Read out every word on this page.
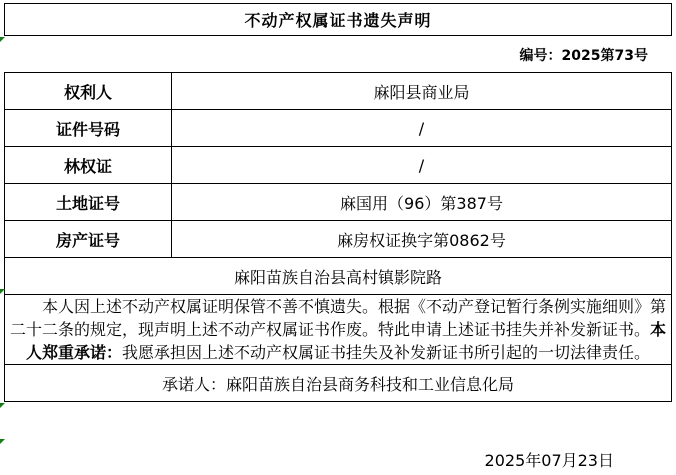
不动产权属证书遗失声明
编号：2025第73号
权利人	麻阳县商业局
证件号码	/
林权证	/
土地证号	麻国用（96）第387号
房产证号	麻房权证换字第0862号
麻阳苗族自治县高村镇影院路	
本人因上述不动产权属证明保管不善不慎遗失。根据《不动产登记暂行条例实施细则》第二十二条的规定，现声明上述不动产权属证书作废。特此申请上述证书挂失并补发新证书。本人郑重承诺：我愿承担因上述不动产权属证书挂失及补发新证书所引起的一切法律责任。	
承诺人：麻阳苗族自治县商务科技和工业信息化局	
2025年07月23日
